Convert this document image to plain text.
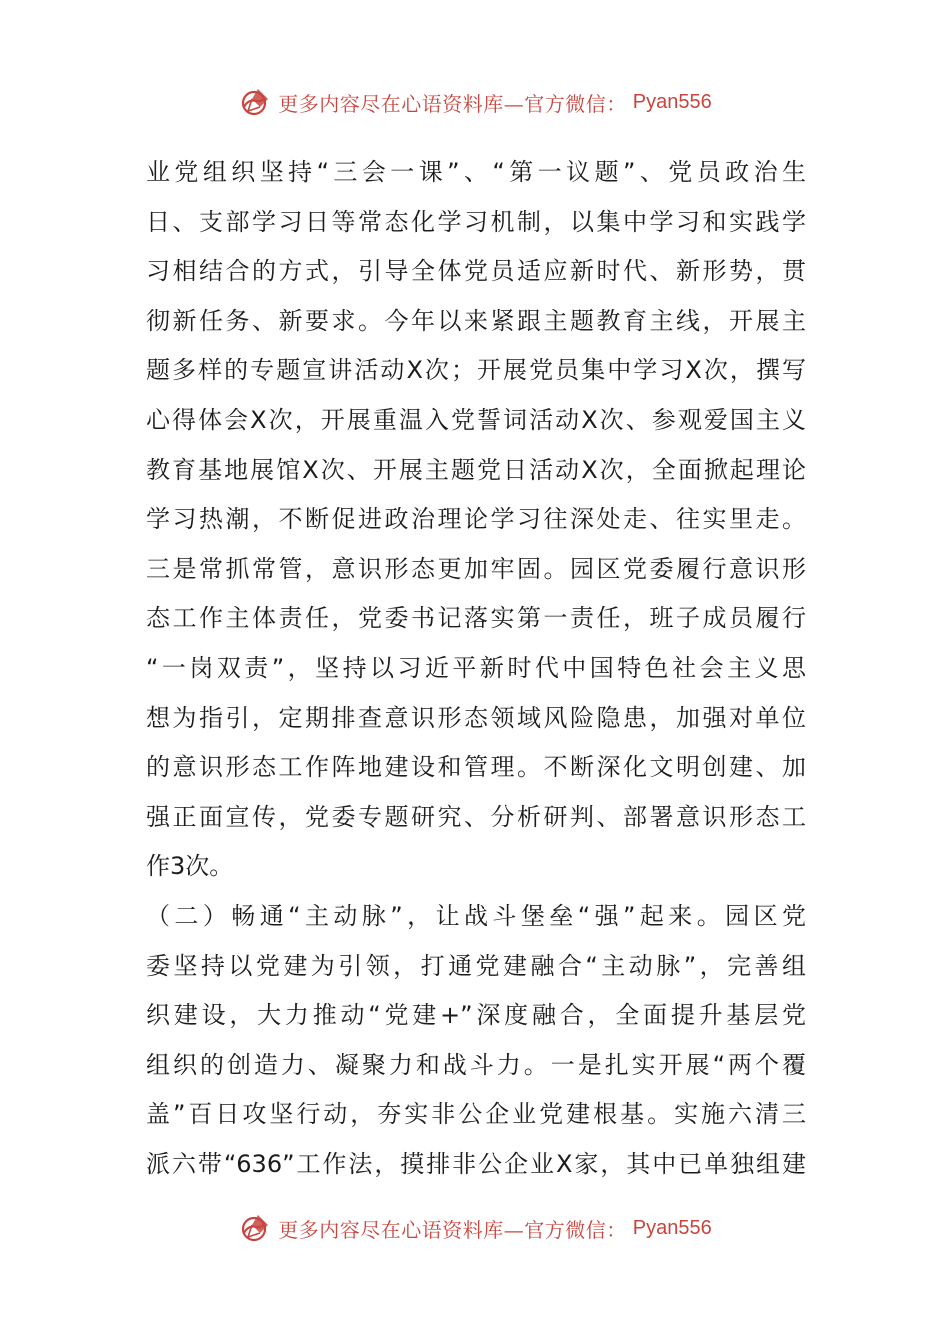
更多内容尽在心语资料库—官方微信： Pyan556
业党组织坚持“三会一课”、“第一议题”、党员政治生
日、支部学习日等常态化学习机制，以集中学习和实践学
习相结合的方式，引导全体党员适应新时代、新形势，贯
彻新任务、新要求。今年以来紧跟主题教育主线，开展主
题多样的专题宣讲活动X次；开展党员集中学习X次，撰写
心得体会X次，开展重温入党誓词活动X次、参观爱国主义
教育基地展馆X次、开展主题党日活动X次，全面掀起理论
学习热潮，不断促进政治理论学习往深处走、往实里走。
三是常抓常管，意识形态更加牢固。园区党委履行意识形
态工作主体责任，党委书记落实第一责任，班子成员履行
“一岗双责”，坚持以习近平新时代中国特色社会主义思
想为指引，定期排查意识形态领域风险隐患，加强对单位
的意识形态工作阵地建设和管理。不断深化文明创建、加
强正面宣传，党委专题研究、分析研判、部署意识形态工
作3次。
（二）畅通“主动脉”，让战斗堡垒“强”起来。园区党
委坚持以党建为引领，打通党建融合“主动脉”，完善组
织建设，大力推动“党建+”深度融合，全面提升基层党
组织的创造力、凝聚力和战斗力。一是扎实开展“两个覆
盖”百日攻坚行动，夯实非公企业党建根基。实施六清三
派六带“636”工作法，摸排非公企业X家，其中已单独组建
更多内容尽在心语资料库—官方微信： Pyan556
